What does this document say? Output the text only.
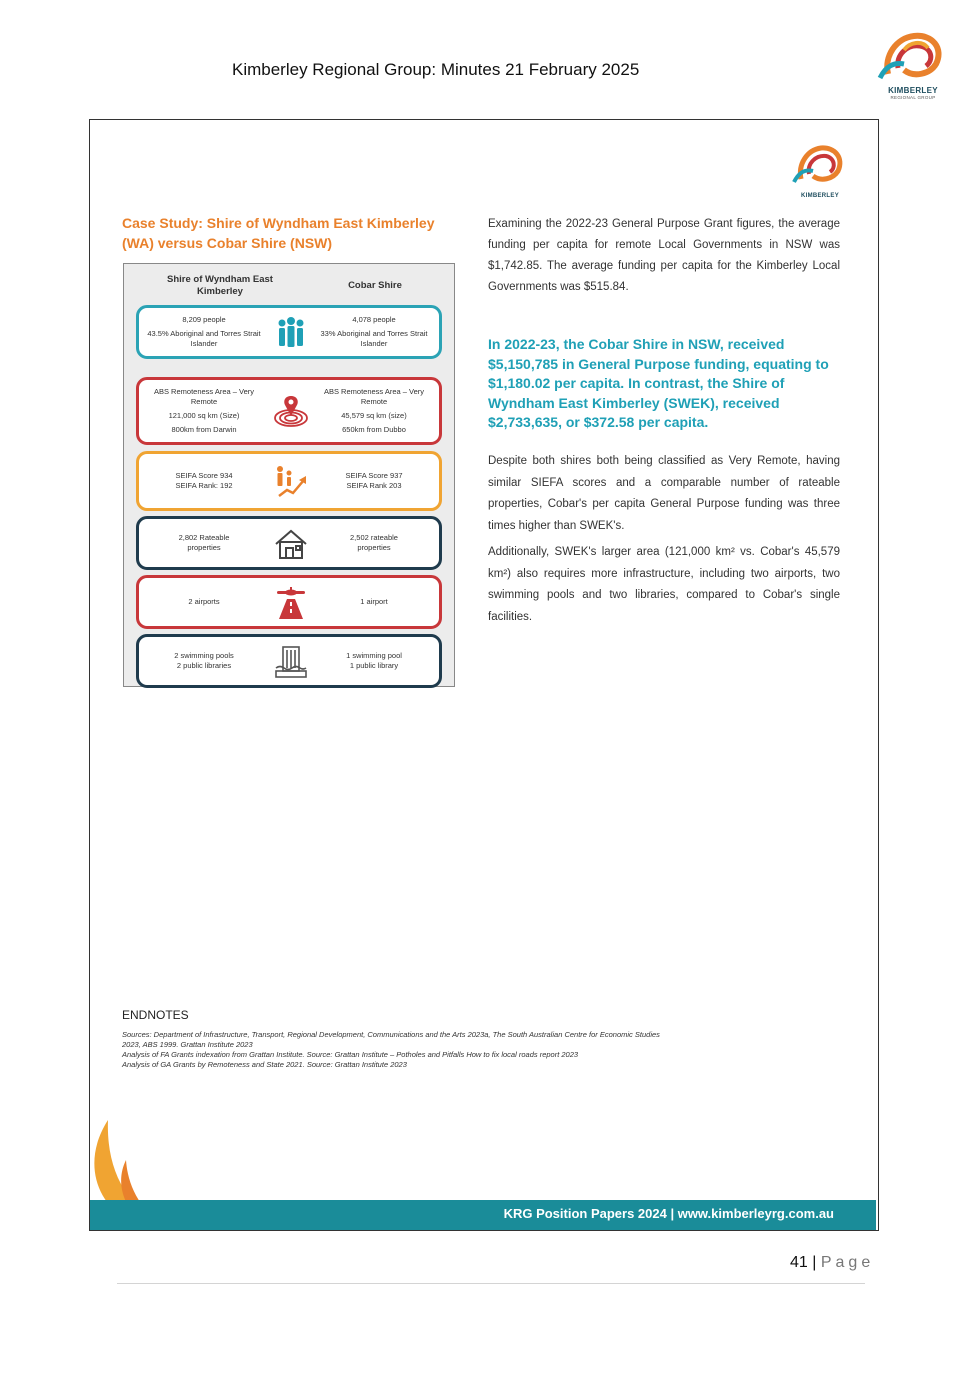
Kimberley Regional Group: Minutes 21 February 2025
KIMBERLEY
REGIONAL GROUP
KIMBERLEY
Case Study: Shire of Wyndham East Kimberley (WA) versus Cobar Shire (NSW)
Shire of Wyndham East Kimberley
Cobar Shire
8,209 people
43.5% Aboriginal and Torres Strait Islander
4,078 people
33% Aboriginal and Torres Strait Islander
ABS Remoteness Area – Very Remote
121,000 sq km (Size)
800km from Darwin
ABS Remoteness Area – Very Remote
45,579 sq km (size)
650km from Dubbo
SEIFA Score 934
SEIFA Rank: 192
SEIFA Score 937
SEIFA Rank 203
2,802 Rateable properties
2,502 rateable properties
2 airports	1 airport
2 swimming pools
2 public libraries
1 swimming pool
1 public library
Examining the 2022-23 General Purpose Grant figures, the average funding per capita for remote Local Governments in NSW was $1,742.85. The average funding per capita for the Kimberley Local Governments was $515.84.
In 2022-23, the Cobar Shire in NSW, received $5,150,785 in General Purpose funding, equating to $1,180.02 per capita. In contrast, the Shire of Wyndham East Kimberley (SWEK), received $2,733,635, or $372.58 per capita.
Despite both shires both being classified as Very Remote, having similar SIEFA scores and a comparable number of rateable properties, Cobar's per capita General Purpose funding was three times higher than SWEK's.
Additionally, SWEK's larger area (121,000 km² vs. Cobar's 45,579 km²) also requires more infrastructure, including two airports, two swimming pools and two libraries, compared to Cobar's single facilities.
ENDNOTES
Sources: Department of Infrastructure, Transport, Regional Development, Communications and the Arts 2023a, The South Australian Centre for Economic Studies
2023, ABS 1999. Grattan Institute 2023
Analysis of FA Grants indexation from Grattan Institute. Source: Grattan Institute – Potholes and Pitfalls How to fix local roads report 2023
Analysis of GA Grants by Remoteness and State 2021. Source: Grattan Institute 2023
KRG Position Papers 2024 | www.kimberleyrg.com.au
41 | Page
